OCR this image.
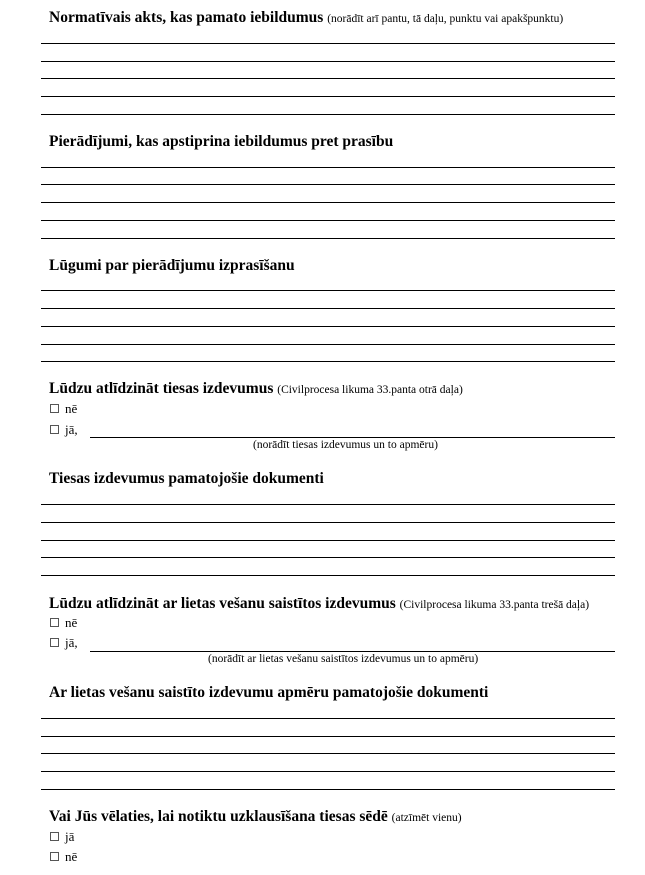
Normatīvais akts, kas pamato iebildumus (norādīt arī pantu, tā daļu, punktu vai apakšpunktu)
Pierādījumi, kas apstiprina iebildumus pret prasību
Lūgumi par pierādījumu izprasīšanu
Lūdzu atlīdzināt tiesas izdevumus (Civilprocesa likuma 33.panta otrā daļa)
nē
jā,
(norādīt tiesas izdevumus un to apmēru)
Tiesas izdevumus pamatojošie dokumenti
Lūdzu atlīdzināt ar lietas vešanu saistītos izdevumus (Civilprocesa likuma 33.panta trešā daļa)
nē
jā,
(norādīt ar lietas vešanu saistītos izdevumus un to apmēru)
Ar lietas vešanu saistīto izdevumu apmēru pamatojošie dokumenti
Vai Jūs vēlaties, lai notiktu uzklausīšana tiesas sēdē (atzīmēt vienu)
jā
nē
